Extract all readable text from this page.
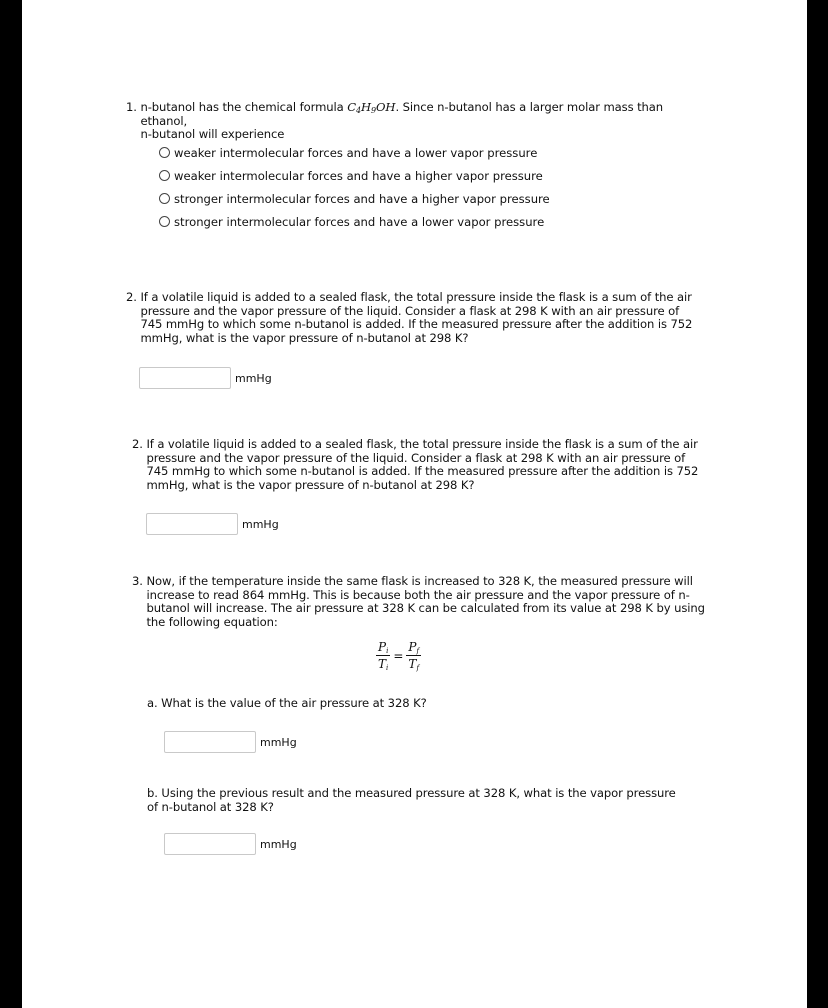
1. n-butanol has the chemical formula $C_4H_9OH$. Since n-butanol has a larger molar mass than ethanol,

n-butanol will experience

weaker intermolecular forces and have a lower vapor pressure
weaker intermolecular forces and have a higher vapor pressure
stronger intermolecular forces and have a higher vapor pressure
stronger intermolecular forces and have a lower vapor pressure
2. If a volatile liquid is added to a sealed flask, the total pressure inside the flask is a sum of the air pressure and the vapor pressure of the liquid. Consider a flask at 298 K with an air pressure of 745 mmHg to which some n-butanol is added. If the measured pressure after the addition is 752 mmHg, what is the vapor pressure of n-butanol at 298 K?

mmHg
2. If a volatile liquid is added to a sealed flask, the total pressure inside the flask is a sum of the air pressure and the vapor pressure of the liquid. Consider a flask at 298 K with an air pressure of 745 mmHg to which some n-butanol is added. If the measured pressure after the addition is 752 mmHg, what is the vapor pressure of n-butanol at 298 K?

mmHg
3. Now, if the temperature inside the same flask is increased to 328 K, the measured pressure will increase to read 864 mmHg. This is because both the air pressure and the vapor pressure of n-butanol will increase. The air pressure at 328 K can be calculated from its value at 298 K by using the following equation:

$\frac{P_i}{T_i} = \frac{P_f}{T_f}$

a. What is the value of the air pressure at 328 K?

mmHg

b. Using the previous result and the measured pressure at 328 K, what is the vapor pressure of n-butanol at 328 K?

mmHg
